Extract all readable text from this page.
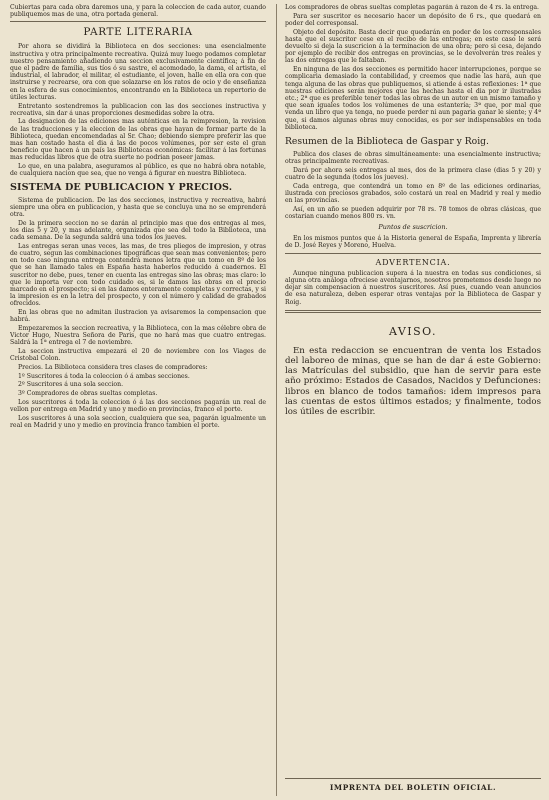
Cubiertas para cada obra daremos una, y para la coleccion de cada autor, cuando publiquemos mas de una, otra portada general.

PARTE LITERARIA

Por ahora se dividirá la Biblioteca en dos secciones: una esencialmente instructiva y otra principalmente recreativa. Quizá muy luego podamos completar nuestro pensamiento añadiendo una seccion exclusivamente científica; á fin de que el padre de familia, sus tíos ó su sastre, el acomodado, la dama, el artista, el industrial, el labrador, el militar, el estudiante, el joven, halle en ella ora con que instruirse y recrearse, ora con que solazarse en los ratos de ocio y de enseñanza en la esfera de sus conocimientos, encontrando en la Biblioteca un repertorio de útiles lecturas.

Entretanto sostendremos la publicacion con las dos secciones instructiva y recreativa, sin dar á unas proporciones desmedidas sobre la otra.

La designacion de las ediciones mas auténticas en la reimpresion, la revision de las traducciones y la eleccion de las obras que hayan de formar parte de la Biblioteca, quedan encomendadas al Sr. Chao; debiendo siempre preferir las que mas han costado hasta el dia á las de pocos volúmenes, por ser este el gran beneficio que hacen á un país las Bibliotecas económicas: facilitar á las fortunas mas reducidas libros que de otra suerte no podrian poseer jamas.

Lo que, en una palabra, aseguramos al público, es que no habrá obra notable, de cualquiera nacion que sea, que no venga á figurar en nuestra Biblioteca.

SISTEMA DE PUBLICACION Y PRECIOS.

Sistema de publicacion. De las dos secciones, instructiva y recreativa, habrá siempre una obra en publicacion, y hasta que se concluya una no se emprenderá otra.

De la primera seccion no se darán al principio mas que dos entregas al mes, los dias 5 y 20, y mas adelante, organizada que sea del todo la Biblioteca, una cada semana. De la segunda saldrá una todos los jueves.

Las entregas seran unas veces, las mas, de tres pliegos de impresion, y otras de cuatro, segun las combinaciones tipográficas que sean mas convenientes; pero en todo caso ninguna entrega contendrá menos letra que un tomo en 8º de los que se han llamado tales en España hasta haberlos reducido á cuadernos. El suscritor no debe, pues, tener en cuenta las entregas sino las obras; mas claro: lo que le importa ver con todo cuidado es, si le damos las obras en el precio marcado en el prospecto; si en las damos enteramente completas y correctas, y si la impresion es en la letra del prospecto, y con el número y calidad de grabados ofrecidos.

En las obras que no admitan ilustracion ya avisaremos la compensacion que habrá.

Empezaremos la seccion recreativa, y la Biblioteca, con la mas célebre obra de Victor Hugo, Nuestra Señora de Paris, que no hará mas que cuatro entregas. Saldrá la 1ª entrega el 7 de noviembre.

La seccion instructiva empezará el 20 de noviembre con los Viages de Cristobal Colon.

Precios. La Biblioteca considera tres clases de compradores:

1º Suscritores á toda la coleccion ó á ambas secciones.

2º Suscritores á una sola seccion.

3º Compradores de obras sueltas completas.

Los suscritores á toda la coleccion ó á las dos secciones pagarán un real de vellon por entrega en Madrid y uno y medio en provincias, franco el porte.

Los suscritores á una sola seccion, cualquiera que sea, pagarán igualmente un real en Madrid y uno y medio en provincia franco tambien el porte.

Los compradores de obras sueltas completas pagarán á razon de 4 rs. la entrega.

Para ser suscritor es necesario hacer un depósito de 6 rs., que quedará en poder del corresponsal.

Objeto del depósito. Basta decir que quedarán en poder de los corresponsales hasta que el suscritor cese en el recibo de las entregas; en este caso le será devuelto si deja la suscricion á la terminacion de una obra; pero si cesa, dejando por ejemplo de recibir dos entregas en provincias, se le devolverán tres reales y las dos entregas que le faltaban.

En ninguna de las dos secciones es permitido hacer interrupciones, porque se complicaria demasiado la contabilidad, y creemos que nadie las hará, aun que tenga alguna de las obras que publiquemos, si atiende á estas reflexiones: 1ª que nuestras ediciones serán mejores que las hechas hasta el dia por ir ilustradas etc.; 2ª que es preferible tener todas las obras de un autor en un mismo tamaño y que sean iguales todos los volúmenes de una estantería; 3ª que, por mal que venda un libro que ya tenga, no puede perder ni aun pagaria ganar le siente; y 4ª que, si damos algunas obras muy conocidas, es por ser indispensables en toda biblioteca.

Resumen de la Biblioteca de Gaspar y Roig.

Publica dos clases de obras simultáneamente: una esencialmente instructiva; otras principalmente recreativas.

Dará por ahora seis entregas al mes, dos de la primera clase (dias 5 y 20) y cuatro de la segunda (todos los jueves).

Cada entrega, que contendrá un tomo en 8º de las ediciones ordinarias, ilustrada con preciosos grabados, solo costará un real en Madrid y real y medio en las provincias.

Así, en un año se pueden adquirir por 78 rs. 78 tomos de obras clásicas, que costarian cuando menos 800 rs. vn.

Puntos de suscricion.

En los mismos puntos que á la Historia general de España, Imprenta y librería de D. José Reyes y Moreno, Huelva.

ADVERTENCIA.

Aunque ninguna publicacion supera á la nuestra en todas sus condiciones, si alguna otra análoga ofreciese aventajarnos, nosotros prometemos desde luego no dejar sin compensacion á nuestros suscritores. Así pues, cuando vean anuncios de esa naturaleza, deben esperar otras ventajas por la Biblioteca de Gaspar y Roig.

AVISO.

En esta redaccion se encuentran de venta los Estados del laboreo de minas, que se han de dar á este Gobierno: las Matrículas del subsidio, que han de servir para este año próximo: Estados de Casados, Nacidos y Defunciones: libros en blanco de todos tamaños: idem impresos para las cuentas de estos últimos estados; y finalmente, todos los útiles de escribir.

IMPRENTA DEL BOLETIN OFICIAL.
